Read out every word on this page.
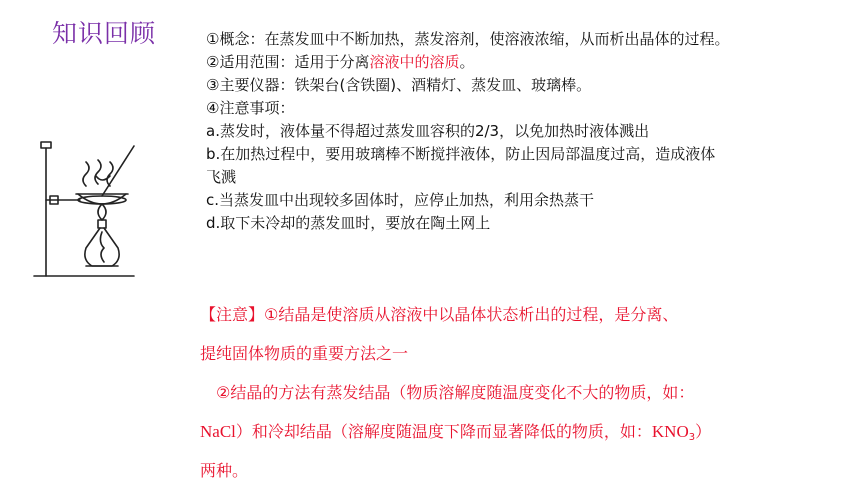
知识回顾	①概念：在蒸发皿中不断加热，蒸发溶剂，使溶液浓缩，从而析出晶体的过程。
②适用范围：适用于分离溶液中的溶质。
③主要仪器：铁架台(含铁圈)、酒精灯、蒸发皿、玻璃棒。
④注意事项：
a.蒸发时，液体量不得超过蒸发皿容积的2/3，以免加热时液体溅出
b.在加热过程中，要用玻璃棒不断搅拌液体，防止因局部温度过高，造成液体
飞溅
c.当蒸发皿中出现较多固体时，应停止加热，利用余热蒸干
d.取下未冷却的蒸发皿时，要放在陶土网上
【注意】①结晶是使溶质从溶液中以晶体状态析出的过程，是分离、
提纯固体物质的重要方法之一
②结晶的方法有蒸发结晶（物质溶解度随温度变化不大的物质，如：
NaCl）和冷却结晶（溶解度随温度下降而显著降低的物质，如：$KNO_3$）
两种。
